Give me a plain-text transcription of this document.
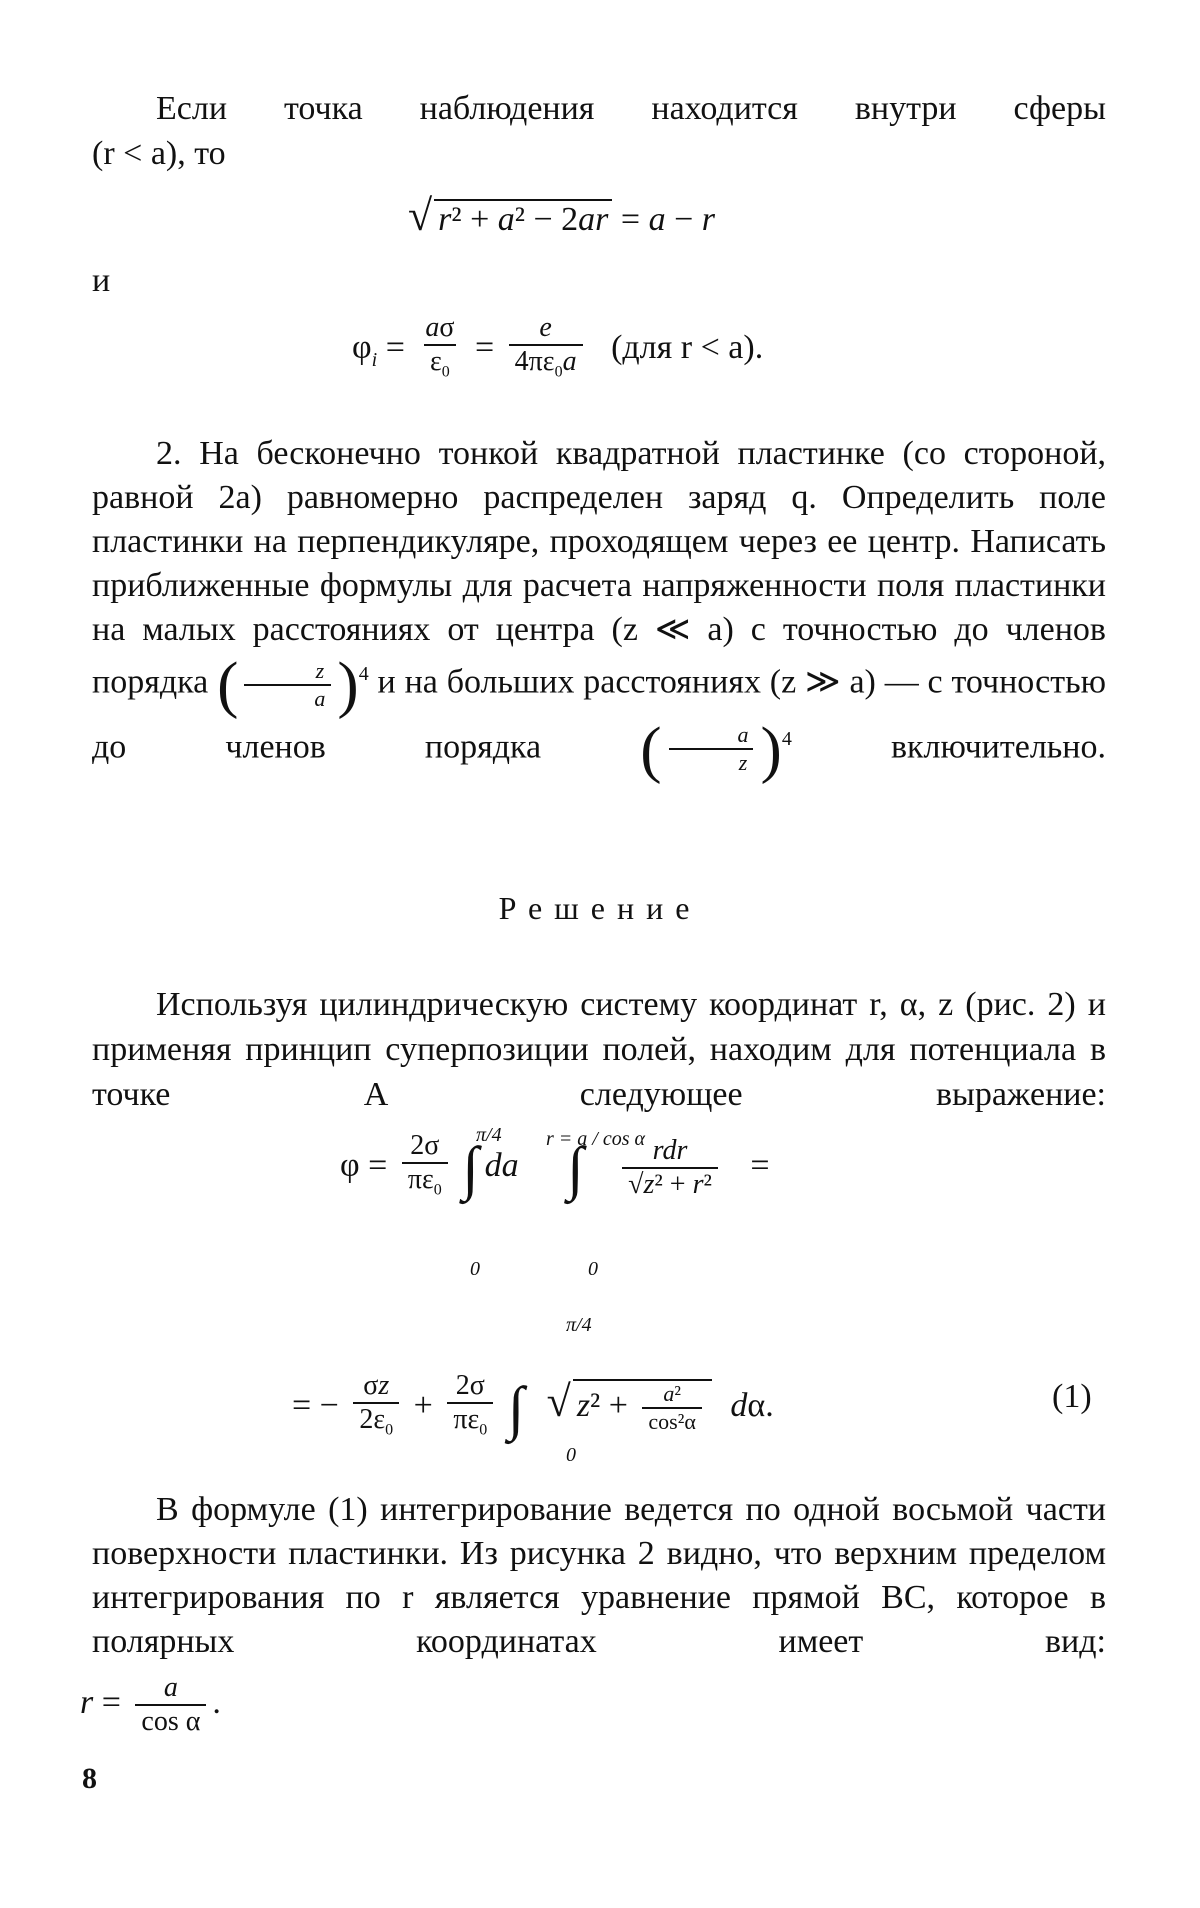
Если точка наблюдения находится внутри сферы
(r < a), то
√ r² + a² − 2ar = a − r
и
$\varphi_i = \frac{a\sigma}{\varepsilon_0} = \frac{e}{4\pi\varepsilon_0a} (для$ r < a).
2. На бесконечно тонкой квадратной пластинке (со стороной, равной 2a) равномерно распределен заряд q. Определить поле пластинки на перпендикуляре, проходящем через ее центр. Написать приближенные формулы для расчета напряженности поля пластинки на малых расстояниях от центра (z ≪ a) с точностью до членов порядка ( $\frac{z}{a} )^4$ и на больших расстояниях (z ≫ a) — с точностью до членов порядка ( $\frac{a}{z} )^4$	включительно.
Решение
Используя цилиндрическую систему координат r, α, z (рис. 2) и применяя принцип суперпозиции полей, находим для потенциала в точке A следующее выражение:
$\varphi = \frac{2\sigma}{\pi\varepsilon_0}$ ∫ da ∫ $\frac{\text{rdr}}{\text{√z² + r²}}$ =
π/4
0
r = a / cos α
0
= − $\frac{\sigma z}{2\varepsilon_0} + \frac{2\sigma}{\pi\varepsilon_0}$ ∫ √ $z^2 + \frac{\text{a²}}{\text{cos²α}} d\alpha$.
π/4
0
(1)
В формуле (1) интегрирование ведется по одной восьмой части поверхности пластинки. Из рисунка 2 видно, что верхним пределом интегрирования по r является уравнение прямой BC, которое в полярных координатах имеет вид:
$r = \frac{a}{\text{cos α}}$ .
8
